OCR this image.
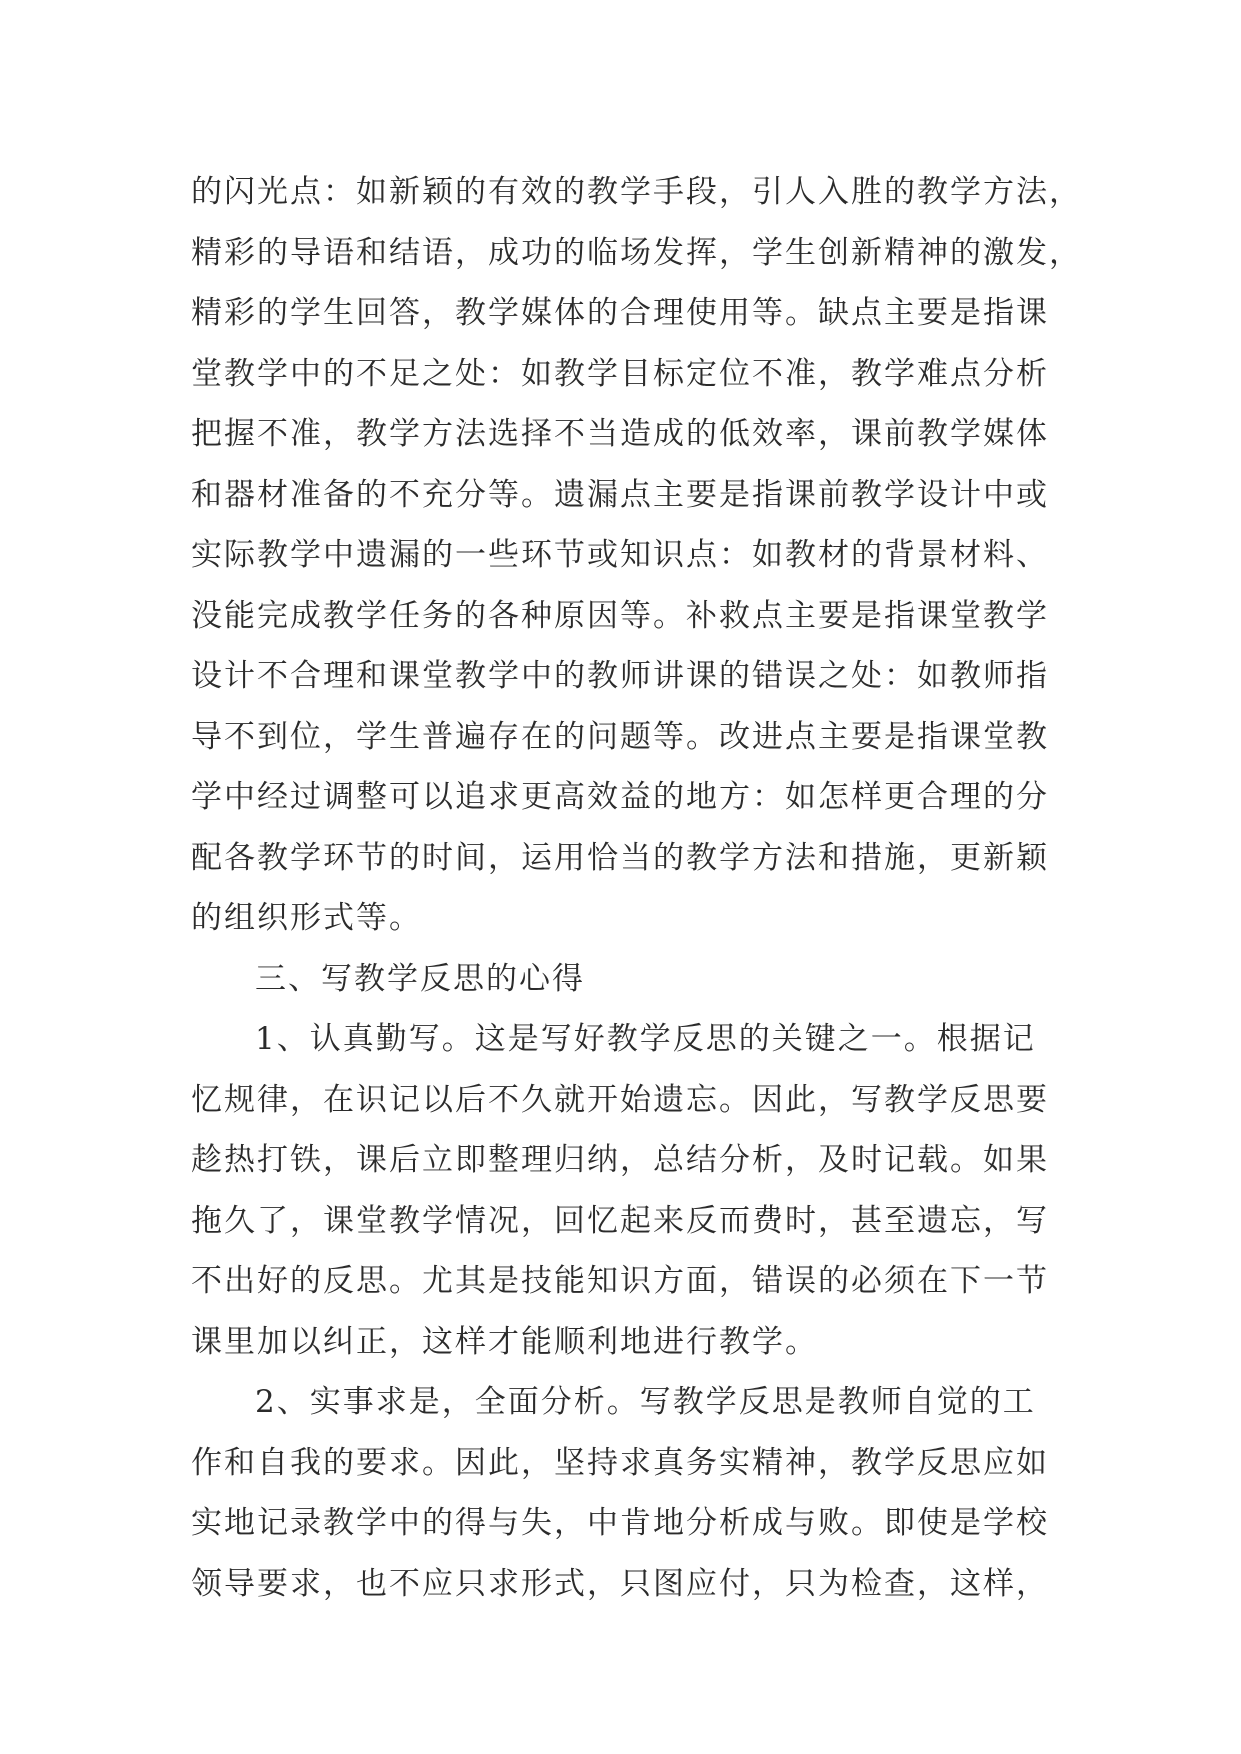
的闪光点：如新颖的有效的教学手段，引人入胜的教学方法，
精彩的导语和结语，成功的临场发挥，学生创新精神的激发，
精彩的学生回答，教学媒体的合理使用等。缺点主要是指课
堂教学中的不足之处：如教学目标定位不准，教学难点分析
把握不准，教学方法选择不当造成的低效率，课前教学媒体
和器材准备的不充分等。遗漏点主要是指课前教学设计中或
实际教学中遗漏的一些环节或知识点：如教材的背景材料、
没能完成教学任务的各种原因等。补救点主要是指课堂教学
设计不合理和课堂教学中的教师讲课的错误之处：如教师指
导不到位，学生普遍存在的问题等。改进点主要是指课堂教
学中经过调整可以追求更高效益的地方：如怎样更合理的分
配各教学环节的时间，运用恰当的教学方法和措施，更新颖
的组织形式等。
三、写教学反思的心得
1、认真勤写。这是写好教学反思的关键之一。根据记
忆规律，在识记以后不久就开始遗忘。因此，写教学反思要
趁热打铁，课后立即整理归纳，总结分析，及时记载。如果
拖久了，课堂教学情况，回忆起来反而费时，甚至遗忘，写
不出好的反思。尤其是技能知识方面，错误的必须在下一节
课里加以纠正，这样才能顺利地进行教学。
2、实事求是，全面分析。写教学反思是教师自觉的工
作和自我的要求。因此，坚持求真务实精神，教学反思应如
实地记录教学中的得与失，中肯地分析成与败。即使是学校
领导要求，也不应只求形式，只图应付，只为检查，这样，
